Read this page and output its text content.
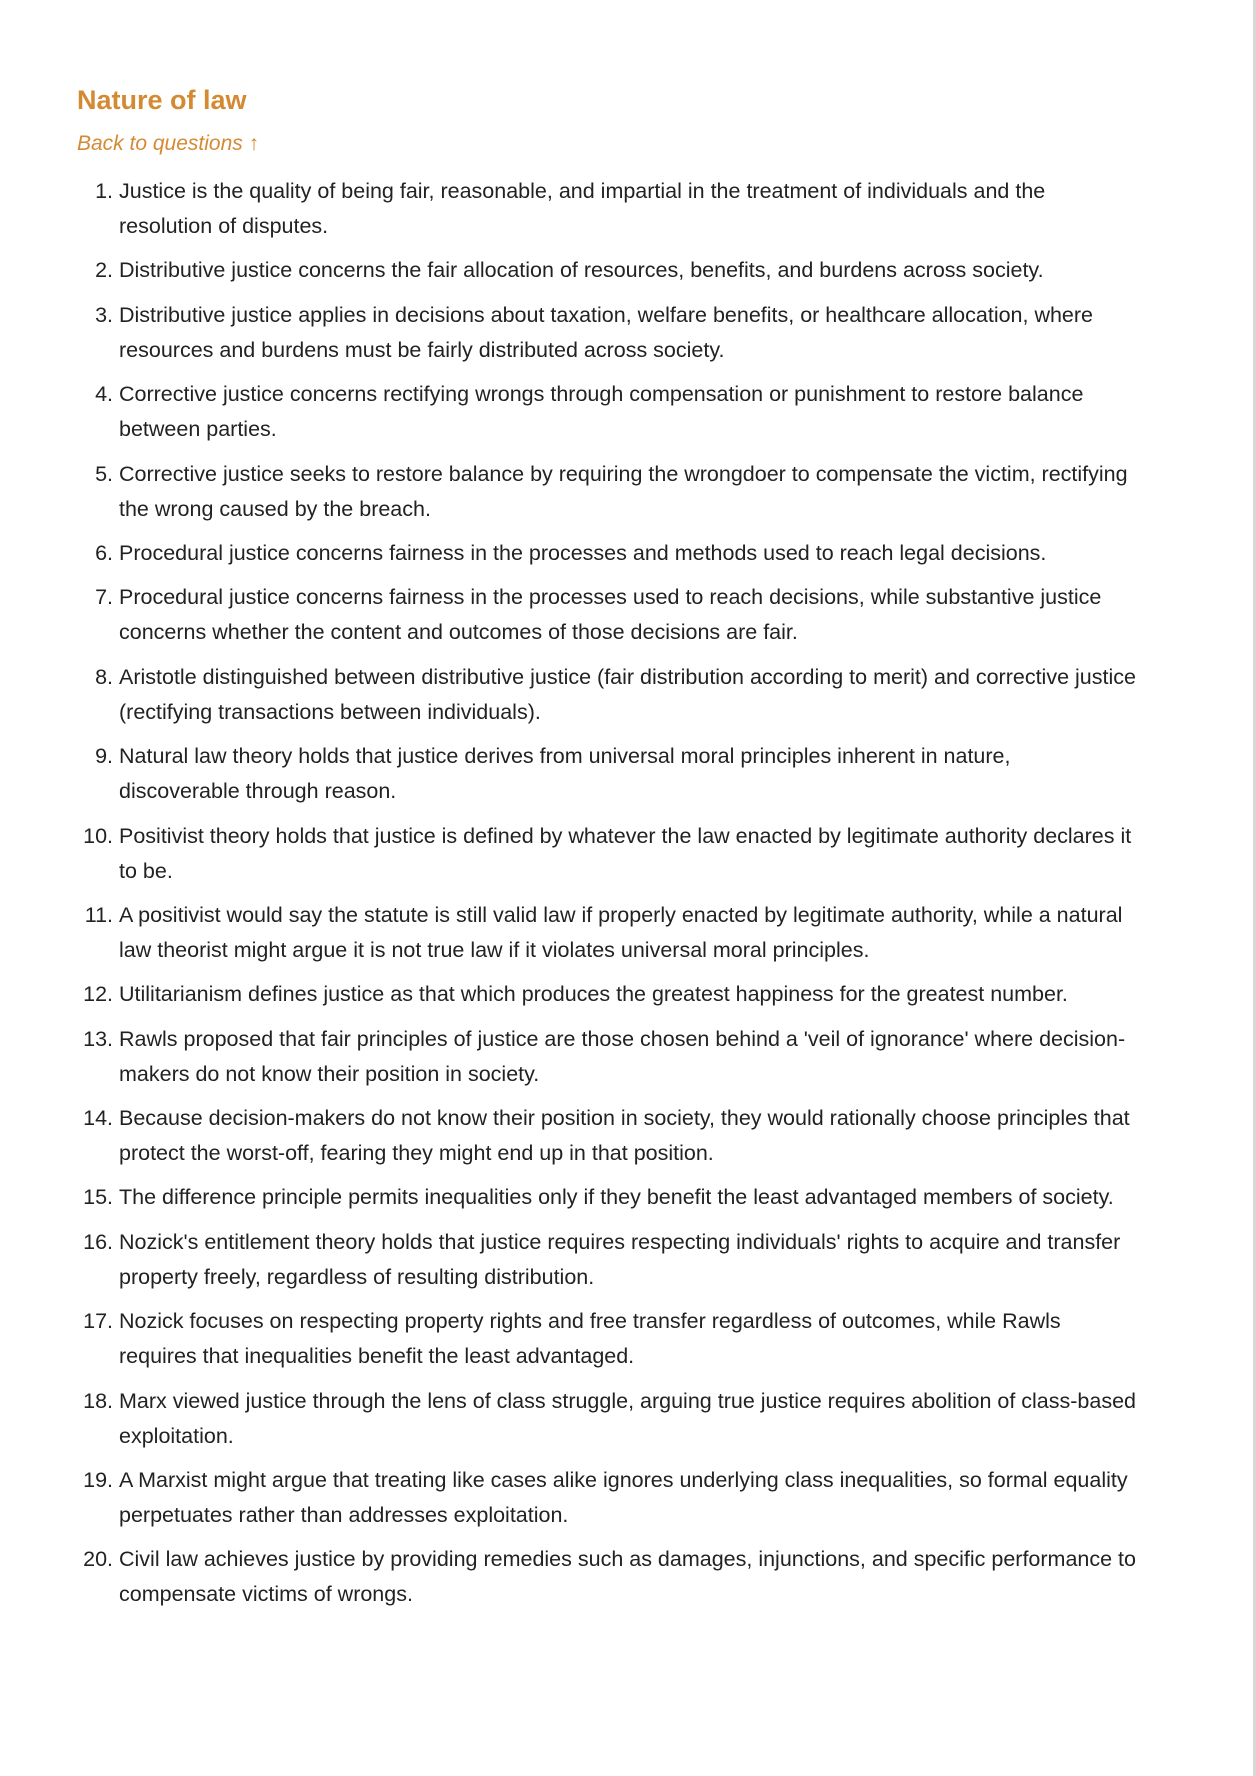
Nature of law
Back to questions ↑
1. Justice is the quality of being fair, reasonable, and impartial in the treatment of individuals and the resolution of disputes.
2. Distributive justice concerns the fair allocation of resources, benefits, and burdens across society.
3. Distributive justice applies in decisions about taxation, welfare benefits, or healthcare allocation, where resources and burdens must be fairly distributed across society.
4. Corrective justice concerns rectifying wrongs through compensation or punishment to restore balance between parties.
5. Corrective justice seeks to restore balance by requiring the wrongdoer to compensate the victim, rectifying the wrong caused by the breach.
6. Procedural justice concerns fairness in the processes and methods used to reach legal decisions.
7. Procedural justice concerns fairness in the processes used to reach decisions, while substantive justice concerns whether the content and outcomes of those decisions are fair.
8. Aristotle distinguished between distributive justice (fair distribution according to merit) and corrective justice (rectifying transactions between individuals).
9. Natural law theory holds that justice derives from universal moral principles inherent in nature, discoverable through reason.
10. Positivist theory holds that justice is defined by whatever the law enacted by legitimate authority declares it to be.
11. A positivist would say the statute is still valid law if properly enacted by legitimate authority, while a natural law theorist might argue it is not true law if it violates universal moral principles.
12. Utilitarianism defines justice as that which produces the greatest happiness for the greatest number.
13. Rawls proposed that fair principles of justice are those chosen behind a 'veil of ignorance' where decision-makers do not know their position in society.
14. Because decision-makers do not know their position in society, they would rationally choose principles that protect the worst-off, fearing they might end up in that position.
15. The difference principle permits inequalities only if they benefit the least advantaged members of society.
16. Nozick's entitlement theory holds that justice requires respecting individuals' rights to acquire and transfer property freely, regardless of resulting distribution.
17. Nozick focuses on respecting property rights and free transfer regardless of outcomes, while Rawls requires that inequalities benefit the least advantaged.
18. Marx viewed justice through the lens of class struggle, arguing true justice requires abolition of class-based exploitation.
19. A Marxist might argue that treating like cases alike ignores underlying class inequalities, so formal equality perpetuates rather than addresses exploitation.
20. Civil law achieves justice by providing remedies such as damages, injunctions, and specific performance to compensate victims of wrongs.
